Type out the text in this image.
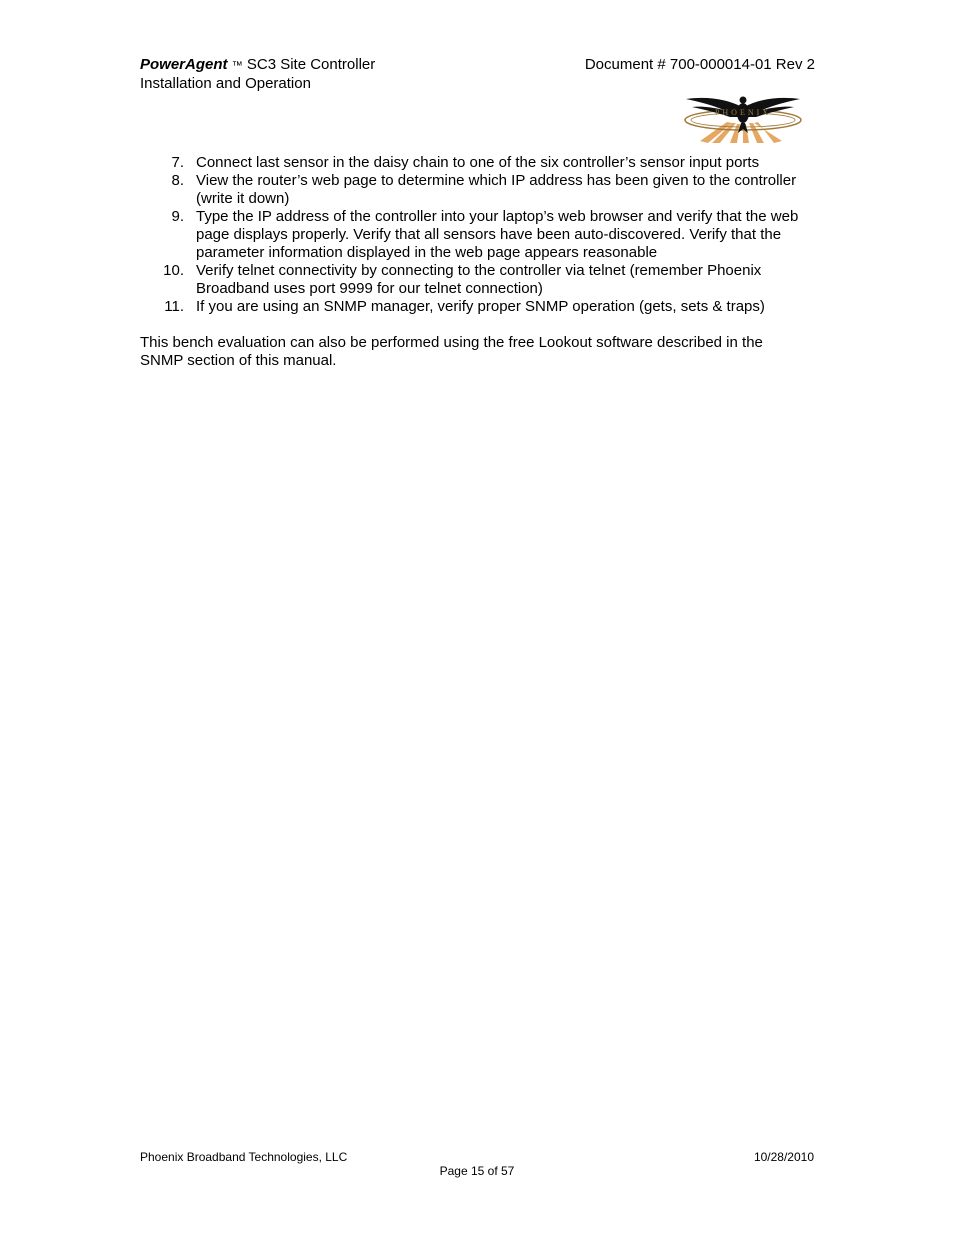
PowerAgent ™ SC3 Site Controller
Installation and Operation
Document # 700-000014-01 Rev 2
PHOENIX
7. Connect last sensor in the daisy chain to one of the six controller’s sensor input ports
8. View the router’s web page to determine which IP address has been given to the controller (write it down)
9. Type the IP address of the controller into your laptop’s web browser and verify that the web page displays properly. Verify that all sensors have been auto-discovered. Verify that the parameter information displayed in the web page appears reasonable
10. Verify telnet connectivity by connecting to the controller via telnet (remember Phoenix Broadband uses port 9999 for our telnet connection)
11. If you are using an SNMP manager, verify proper SNMP operation (gets, sets & traps)
This bench evaluation can also be performed using the free Lookout software described in the SNMP section of this manual.
Phoenix Broadband Technologies, LLC	10/28/2010
Page 15 of 57
